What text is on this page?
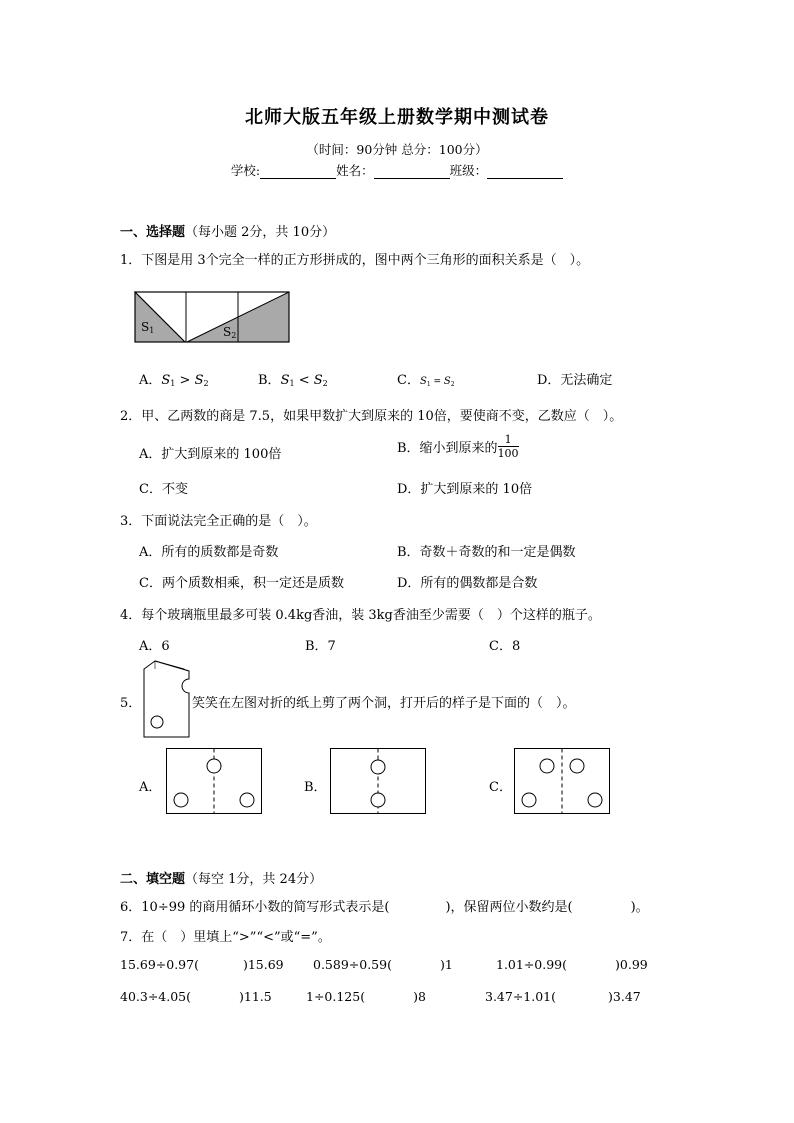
北师大版五年级上册数学期中测试卷
（时间：90分钟 总分：100分）
学校:	姓名：	班级：
一、选择题（每小题 2分，共 10分）
1．下图是用 3个完全一样的正方形拼成的，图中两个三角形的面积关系是（　）。
S1	S2
A．S1 > S2	B．S1 < S2	C．S1 = S2	D．无法确定
2．甲、乙两数的商是 7.5，如果甲数扩大到原来的 10倍，要使商不变，乙数应（　）。
A．扩大到原来的 100倍	B．缩小到原来的 $\frac{1}{100}$
C．不变	D．扩大到原来的 10倍
3．下面说法完全正确的是（　）。
A．所有的质数都是奇数	B．奇数＋奇数的和一定是偶数
C．两个质数相乘，积一定还是质数	D．所有的偶数都是合数
4．每个玻璃瓶里最多可装 0.4kg香油，装 3kg香油至少需要（　）个这样的瓶子。
A．6	B．7	C．8
5．	笑笑在左图对折的纸上剪了两个洞，打开后的样子是下面的（　）。
A．	B．	C．
二、填空题（每空 1分，共 24分）
6．10÷99 的商用循环小数的简写形式表示是(	)，保留两位小数约是(	)。
7．在（　）里填上“>”“<”或“=”。
15.69÷0.97(	)15.69 0.589÷0.59(	)1	1.01÷0.99(	)0.99
40.3÷4.05(	)11.5	1÷0.125(	)8	3.47÷1.01(	)3.47
